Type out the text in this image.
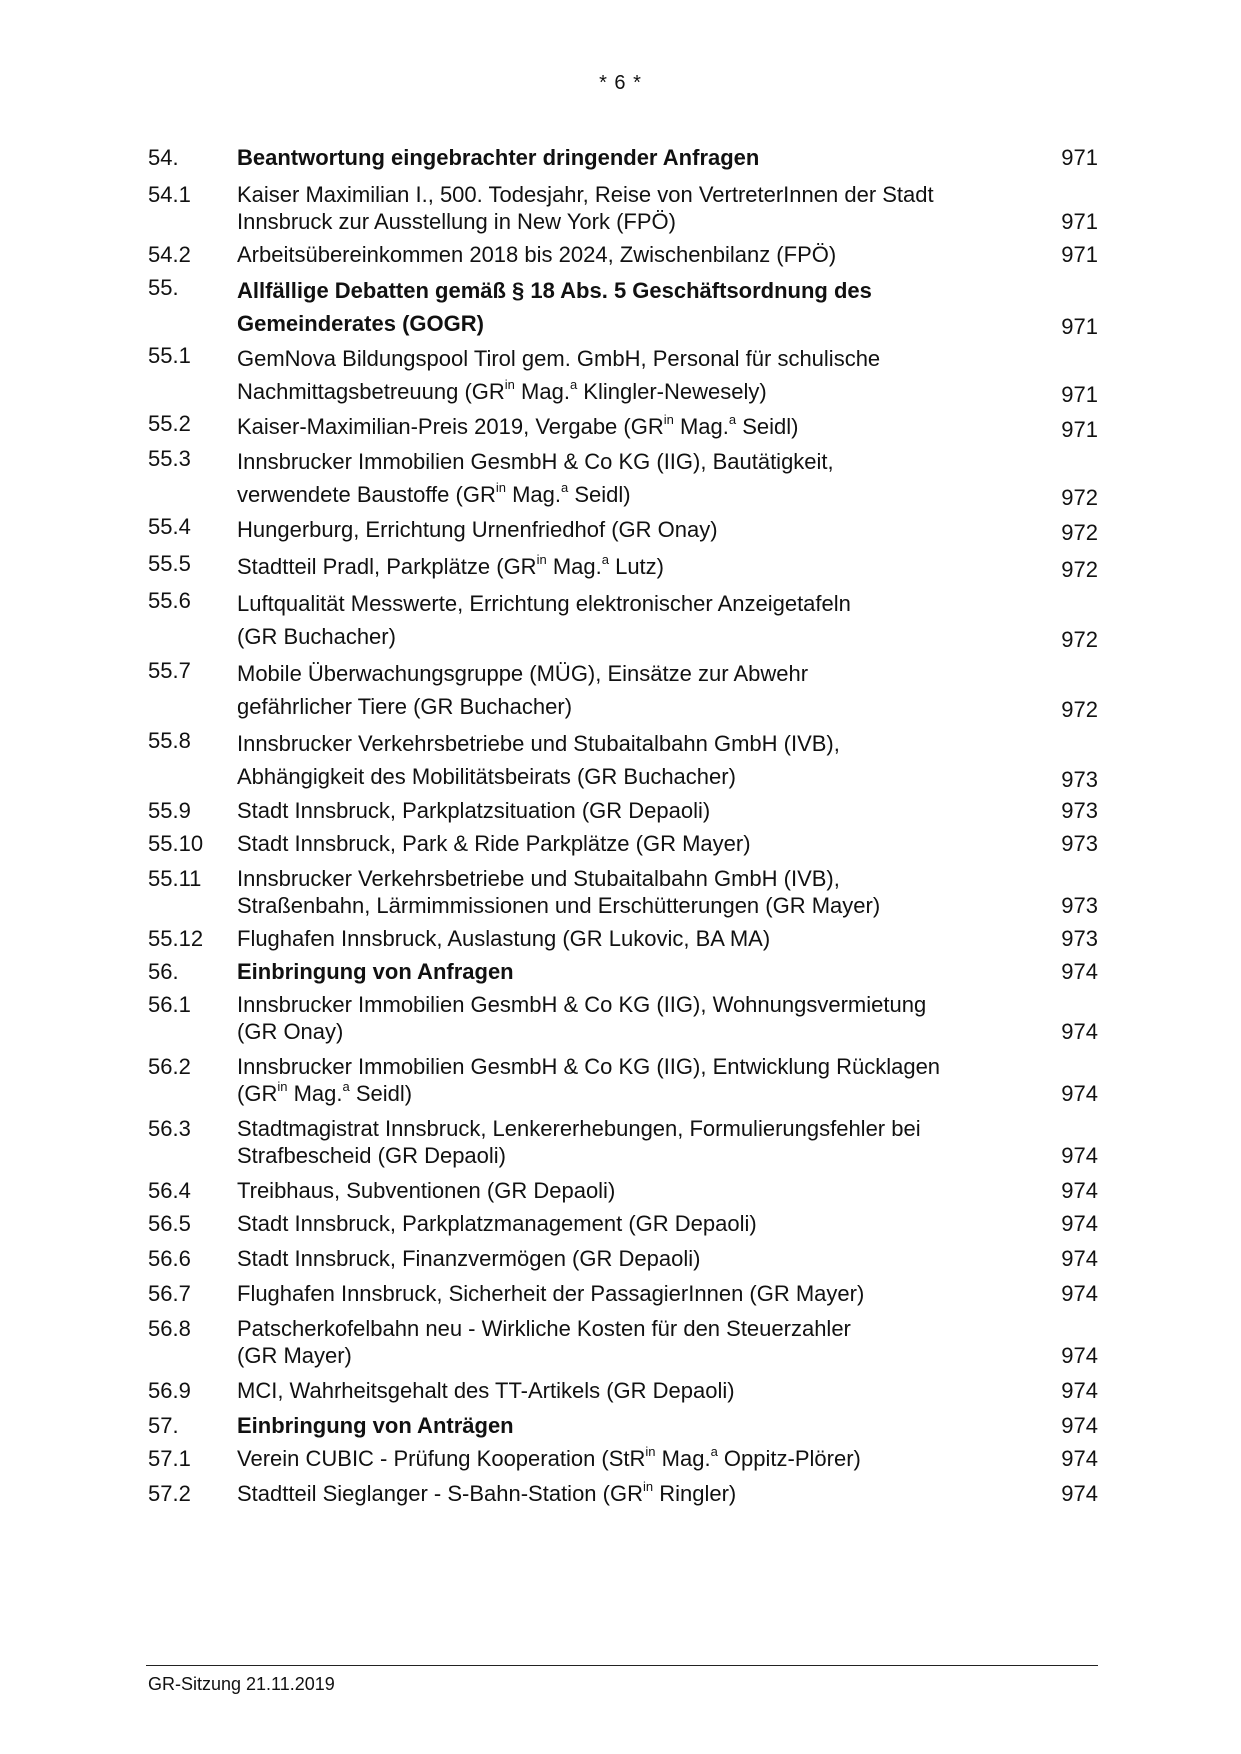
* 6 *
54.	Beantwortung eingebrachter dringender Anfragen	971
54.1	Kaiser Maximilian I., 500. Todesjahr, Reise von VertreterInnen der Stadt
Innsbruck zur Ausstellung in New York (FPÖ)	971
54.2	Arbeitsübereinkommen 2018 bis 2024, Zwischenbilanz (FPÖ)	971
55.	Allfällige Debatten gemäß § 18 Abs. 5 Geschäftsordnung des
Gemeinderates (GOGR)	971
55.1	GemNova Bildungspool Tirol gem. GmbH, Personal für schulische
Nachmittagsbetreuung ($GR^{in}$ Mag.$^a$ Klingler-Newesely)	971
55.2	Kaiser-Maximilian-Preis 2019, Vergabe ($GR^{in}$ Mag.$^a$ Seidl)	971
55.3	Innsbrucker Immobilien GesmbH & Co KG (IIG), Bautätigkeit,
verwendete Baustoffe ($GR^{in}$ Mag.$^a$ Seidl)	972
55.4	Hungerburg, Errichtung Urnenfriedhof (GR Onay)	972
55.5	Stadtteil Pradl, Parkplätze ($GR^{in}$ Mag.$^a$ Lutz)	972
55.6	Luftqualität Messwerte, Errichtung elektronischer Anzeigetafeln
(GR Buchacher)	972
55.7	Mobile Überwachungsgruppe (MÜG), Einsätze zur Abwehr
gefährlicher Tiere (GR Buchacher)	972
55.8	Innsbrucker Verkehrsbetriebe und Stubaitalbahn GmbH (IVB),
Abhängigkeit des Mobilitätsbeirats (GR Buchacher)	973
55.9	Stadt Innsbruck, Parkplatzsituation (GR Depaoli)	973
55.10	Stadt Innsbruck, Park & Ride Parkplätze (GR Mayer)	973
55.11	Innsbrucker Verkehrsbetriebe und Stubaitalbahn GmbH (IVB),
Straßenbahn, Lärmimmissionen und Erschütterungen (GR Mayer)	973
55.12	Flughafen Innsbruck, Auslastung (GR Lukovic, BA MA)	973
56.	Einbringung von Anfragen	974
56.1	Innsbrucker Immobilien GesmbH & Co KG (IIG), Wohnungsvermietung
(GR Onay)	974
56.2	Innsbrucker Immobilien GesmbH & Co KG (IIG), Entwicklung Rücklagen
($GR^{in}$ Mag.$^a$ Seidl)	974
56.3	Stadtmagistrat Innsbruck, Lenkererhebungen, Formulierungsfehler bei
Strafbescheid (GR Depaoli)	974
56.4	Treibhaus, Subventionen (GR Depaoli)	974
56.5	Stadt Innsbruck, Parkplatzmanagement (GR Depaoli)	974
56.6	Stadt Innsbruck, Finanzvermögen (GR Depaoli)	974
56.7	Flughafen Innsbruck, Sicherheit der PassagierInnen (GR Mayer)	974
56.8	Patscherkofelbahn neu - Wirkliche Kosten für den Steuerzahler
(GR Mayer)	974
56.9	MCI, Wahrheitsgehalt des TT-Artikels (GR Depaoli)	974
57.	Einbringung von Anträgen	974
57.1	Verein CUBIC - Prüfung Kooperation (StR$^{in}$ Mag.$^a$ Oppitz-Plörer)	974
57.2	Stadtteil Sieglanger - S-Bahn-Station ($GR^{in}$ Ringler)	974
GR-Sitzung 21.11.2019
